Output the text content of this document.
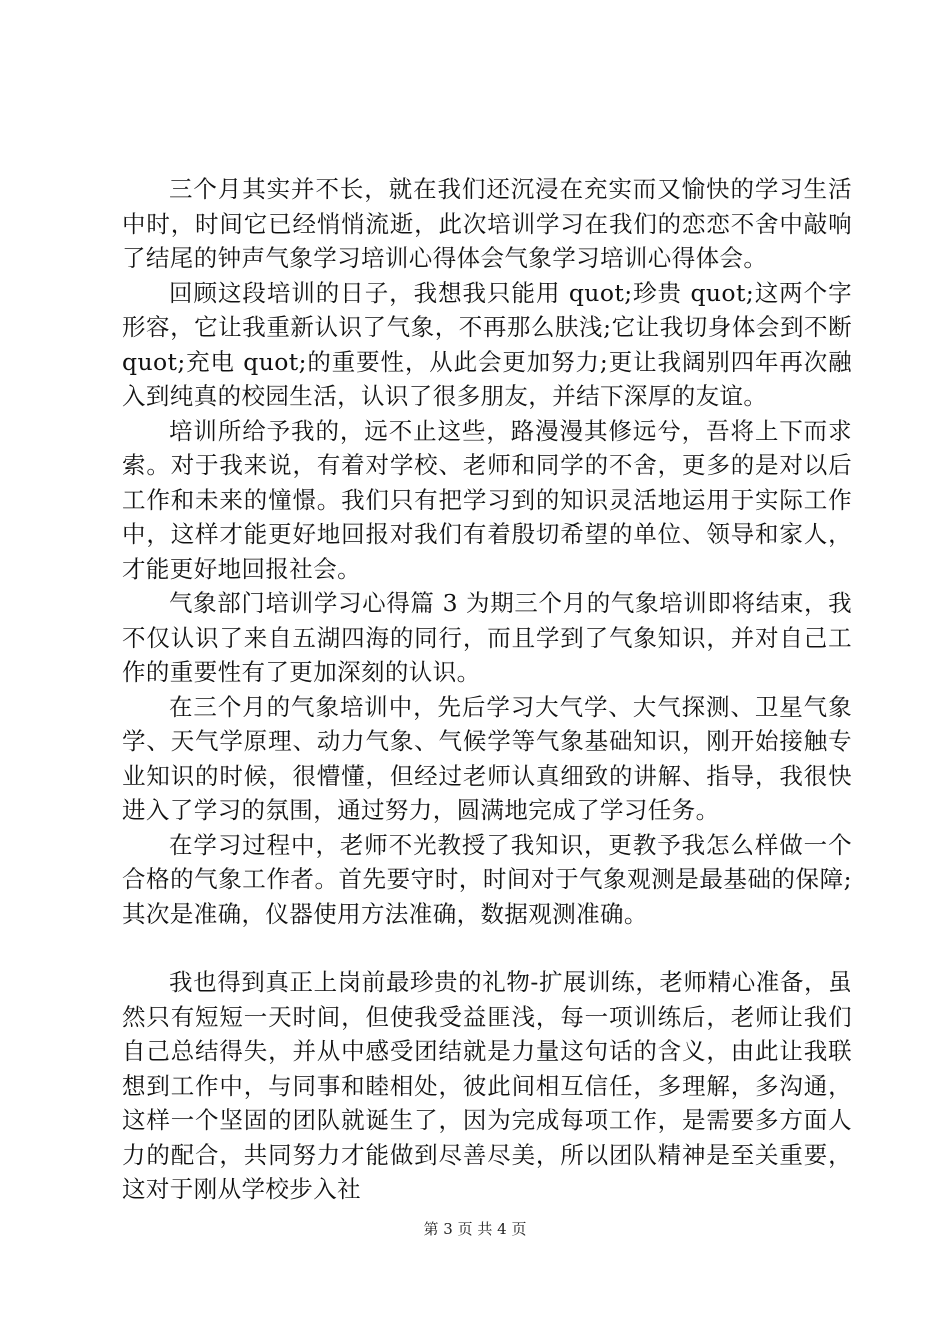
三个月其实并不长，就在我们还沉浸在充实而又愉快的学习生活中时，时间它已经悄悄流逝，此次培训学习在我们的恋恋不舍中敲响了结尾的钟声气象学习培训心得体会气象学习培训心得体会。

回顾这段培训的日子，我想我只能用 quot;珍贵 quot;这两个字形容，它让我重新认识了气象，不再那么肤浅;它让我切身体会到不断 quot;充电 quot;的重要性，从此会更加努力;更让我阔别四年再次融入到纯真的校园生活，认识了很多朋友，并结下深厚的友谊。

培训所给予我的，远不止这些，路漫漫其修远兮，吾将上下而求索。对于我来说，有着对学校、老师和同学的不舍，更多的是对以后工作和未来的憧憬。我们只有把学习到的知识灵活地运用于实际工作中，这样才能更好地回报对我们有着殷切希望的单位、领导和家人，才能更好地回报社会。

气象部门培训学习心得篇 3 为期三个月的气象培训即将结束，我不仅认识了来自五湖四海的同行，而且学到了气象知识，并对自己工作的重要性有了更加深刻的认识。

在三个月的气象培训中，先后学习大气学、大气探测、卫星气象学、天气学原理、动力气象、气候学等气象基础知识，刚开始接触专业知识的时候，很懵懂，但经过老师认真细致的讲解、指导，我很快进入了学习的氛围，通过努力，圆满地完成了学习任务。

在学习过程中，老师不光教授了我知识，更教予我怎么样做一个合格的气象工作者。首先要守时，时间对于气象观测是最基础的保障;其次是准确，仪器使用方法准确，数据观测准确。

我也得到真正上岗前最珍贵的礼物-扩展训练，老师精心准备，虽然只有短短一天时间，但使我受益匪浅，每一项训练后，老师让我们自己总结得失，并从中感受团结就是力量这句话的含义，由此让我联想到工作中，与同事和睦相处，彼此间相互信任，多理解，多沟通，这样一个坚固的团队就诞生了，因为完成每项工作，是需要多方面人力的配合，共同努力才能做到尽善尽美，所以团队精神是至关重要，这对于刚从学校步入社

第 3 页 共 4 页
